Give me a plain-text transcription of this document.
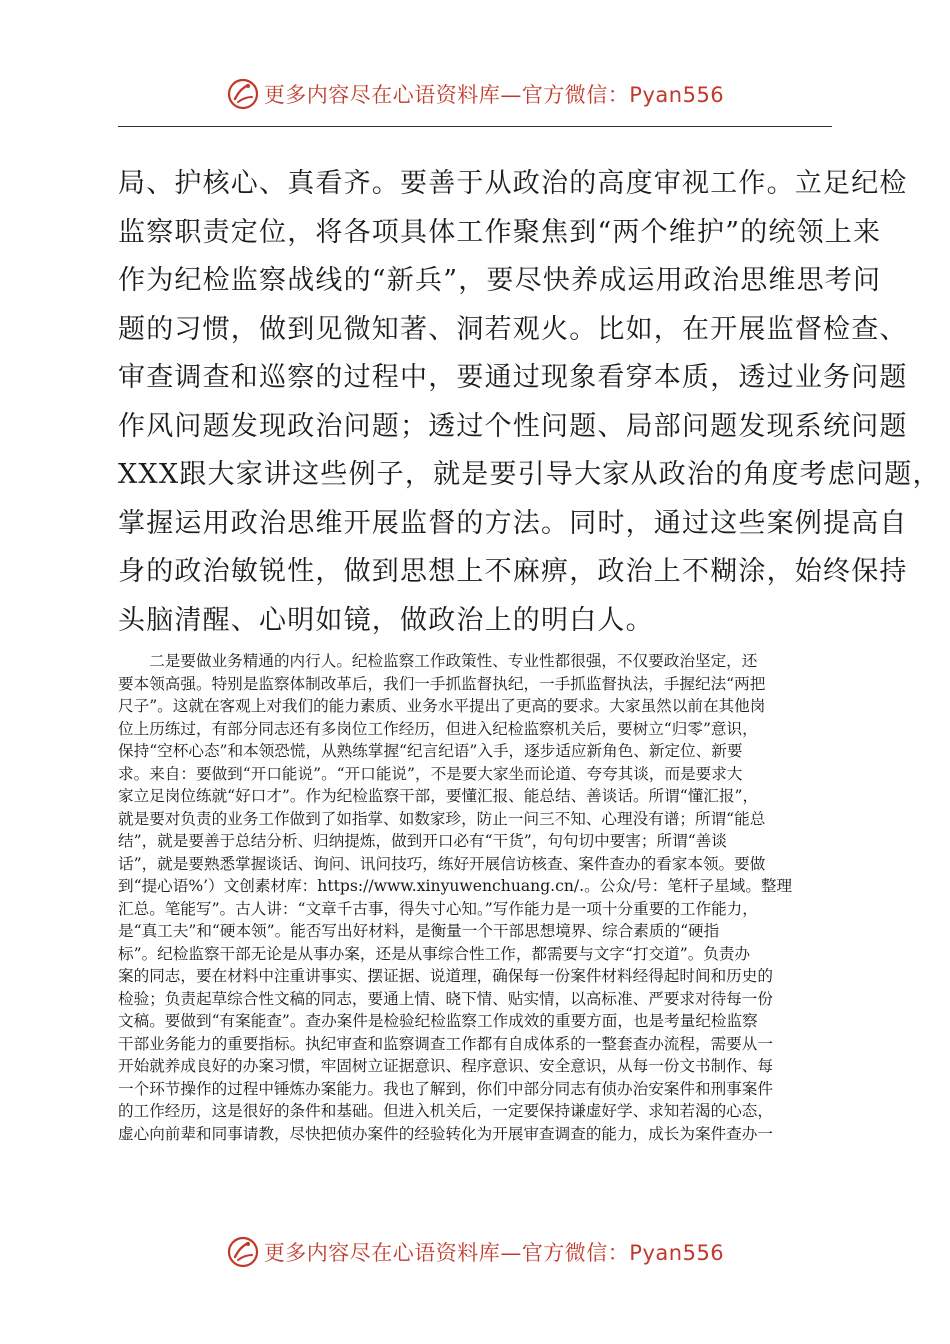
更多内容尽在心语资料库—官方微信：Pyan556
局、护核心、真看齐。要善于从政治的高度审视工作。立足纪检
监察职责定位，将各项具体工作聚焦到“两个维护”的统领上来
作为纪检监察战线的“新兵”，要尽快养成运用政治思维思考问
题的习惯，做到见微知著、洞若观火。比如，在开展监督检查、
审查调查和巡察的过程中，要通过现象看穿本质，透过业务问题
作风问题发现政治问题；透过个性问题、局部问题发现系统问题
XXX跟大家讲这些例子，就是要引导大家从政治的角度考虑问题，
掌握运用政治思维开展监督的方法。同时，通过这些案例提高自
身的政治敏锐性，做到思想上不麻痹，政治上不糊涂，始终保持
头脑清醒、心明如镜，做政治上的明白人。
　　二是要做业务精通的内行人。纪检监察工作政策性、专业性都很强，不仅要政治坚定，还
要本领高强。特别是监察体制改革后，我们一手抓监督执纪，一手抓监督执法，手握纪法“两把
尺子”。这就在客观上对我们的能力素质、业务水平提出了更高的要求。大家虽然以前在其他岗
位上历练过，有部分同志还有多岗位工作经历，但进入纪检监察机关后，要树立“归零”意识，
保持“空杯心态”和本领恐慌，从熟练掌握“纪言纪语”入手，逐步适应新角色、新定位、新要
求。来自：要做到“开口能说”。“开口能说”，不是要大家坐而论道、夸夸其谈，而是要求大
家立足岗位练就“好口才”。作为纪检监察干部，要懂汇报、能总结、善谈话。所谓“懂汇报”，
就是要对负责的业务工作做到了如指掌、如数家珍，防止一问三不知、心理没有谱；所谓“能总
结”，就是要善于总结分析、归纳提炼，做到开口必有“干货”，句句切中要害；所谓“善谈
话”，就是要熟悉掌握谈话、询问、讯问技巧，练好开展信访核查、案件查办的看家本领。要做
到“提心语%’）文创素材库：https://www.xinyuwenchuang.cn/.。公众/号：笔杆子星域。整理
汇总。笔能写”。古人讲：“文章千古事，得失寸心知。”写作能力是一项十分重要的工作能力，
是“真工夫”和“硬本领”。能否写出好材料，是衡量一个干部思想境界、综合素质的“硬指
标”。纪检监察干部无论是从事办案，还是从事综合性工作，都需要与文字“打交道”。负责办
案的同志，要在材料中注重讲事实、摆证据、说道理，确保每一份案件材料经得起时间和历史的
检验；负责起草综合性文稿的同志，要通上情、晓下情、贴实情，以高标准、严要求对待每一份
文稿。要做到“有案能查”。查办案件是检验纪检监察工作成效的重要方面，也是考量纪检监察
干部业务能力的重要指标。执纪审查和监察调查工作都有自成体系的一整套查办流程，需要从一
开始就养成良好的办案习惯，牢固树立证据意识、程序意识、安全意识，从每一份文书制作、每
一个环节操作的过程中锤炼办案能力。我也了解到，你们中部分同志有侦办治安案件和刑事案件
的工作经历，这是很好的条件和基础。但进入机关后，一定要保持谦虚好学、求知若渴的心态，
虚心向前辈和同事请教，尽快把侦办案件的经验转化为开展审查调查的能力，成长为案件查办一
更多内容尽在心语资料库—官方微信：Pyan556
